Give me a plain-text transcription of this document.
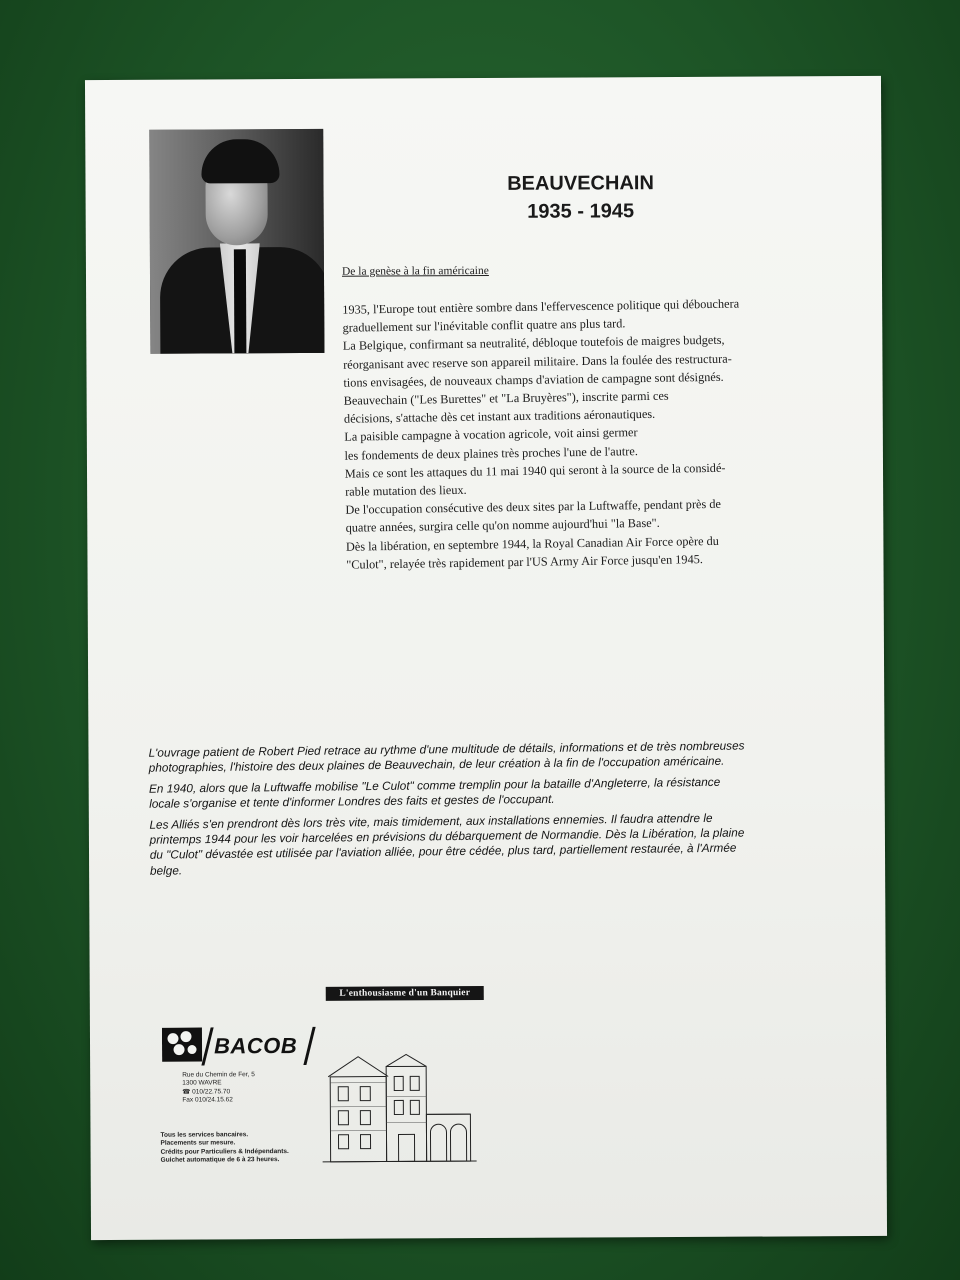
BEAUVECHAIN
1935 - 1945
De la genèse à la fin américaine

1935, l'Europe tout entière sombre dans l'effervescence politique qui débouchera

graduellement sur l'inévitable conflit quatre ans plus tard.

La Belgique, confirmant sa neutralité, débloque toutefois de maigres budgets,

réorganisant avec reserve son appareil militaire. Dans la foulée des restructura-

tions envisagées, de nouveaux champs d'aviation de campagne sont désignés.

Beauvechain ("Les Burettes" et "La Bruyères"), inscrite parmi ces

décisions, s'attache dès cet instant aux traditions aéronautiques.

La paisible campagne à vocation agricole, voit ainsi germer

les fondements de deux plaines très proches l'une de l'autre.

Mais ce sont les attaques du 11 mai 1940 qui seront à la source de la considé-

rable mutation des lieux.

De l'occupation consécutive des deux sites par la Luftwaffe, pendant près de

quatre années, surgira celle qu'on nomme aujourd'hui "la Base".

Dès la libération, en septembre 1944, la Royal Canadian Air Force opère du

"Culot", relayée très rapidement par l'US Army Air Force jusqu'en 1945.

L'ouvrage patient de Robert Pied retrace au rythme d'une multitude de détails, informations et de très nombreuses photographies, l'histoire des deux plaines de Beauvechain, de leur création à la fin de l'occupation américaine.

En 1940, alors que la Luftwaffe mobilise "Le Culot" comme tremplin pour la bataille d'Angleterre, la résistance locale s'organise et tente d'informer Londres des faits et gestes de l'occupant.

Les Alliés s'en prendront dès lors très vite, mais timidement, aux installations ennemies. Il faudra attendre le printemps 1944 pour les voir harcelées en prévisions du débarquement de Normandie. Dès la Libération, la plaine du "Culot" dévastée est utilisée par l'aviation alliée, pour être cédée, plus tard, partiellement restaurée, à l'Armée belge.

L'enthousiasme d'un Banquier
BACOB
Rue du Chemin de Fer, 5
1300 WAVRE
☎ 010/22.75.70
Fax 010/24.15.62
Tous les services bancaires.
Placements sur mesure.
Crédits pour Particuliers & Indépendants.
Guichet automatique de 6 à 23 heures.
